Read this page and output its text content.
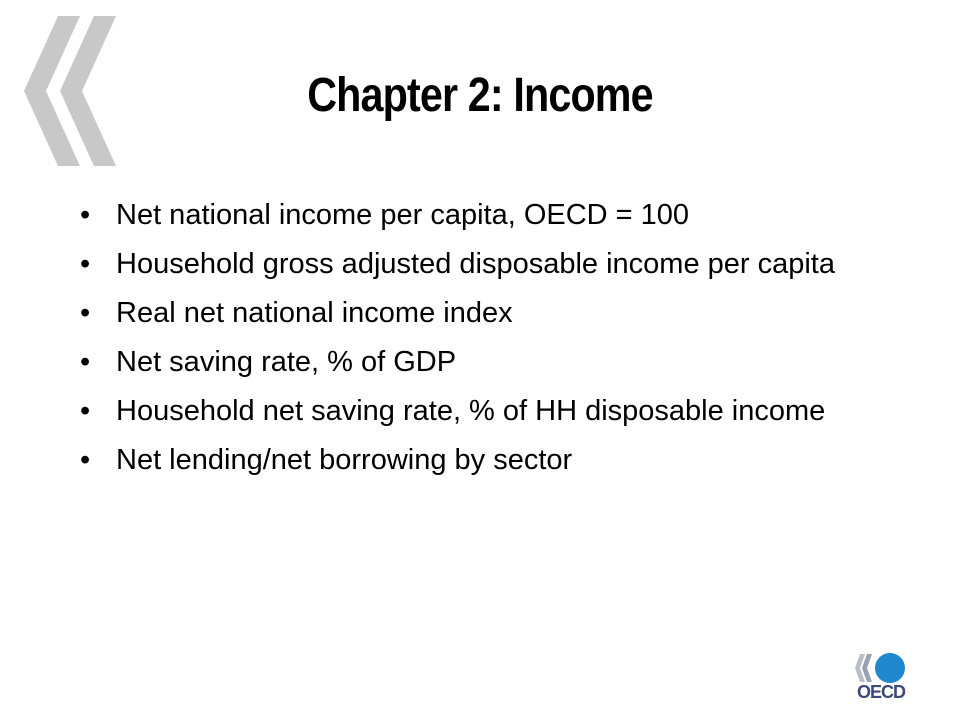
Chapter 2: Income
• Net national income per capita, OECD = 100
• Household gross adjusted disposable income per capita
• Real net national income index
• Net saving rate, % of GDP
• Household net saving rate, % of HH disposable income
• Net lending/net borrowing by sector
OECD
